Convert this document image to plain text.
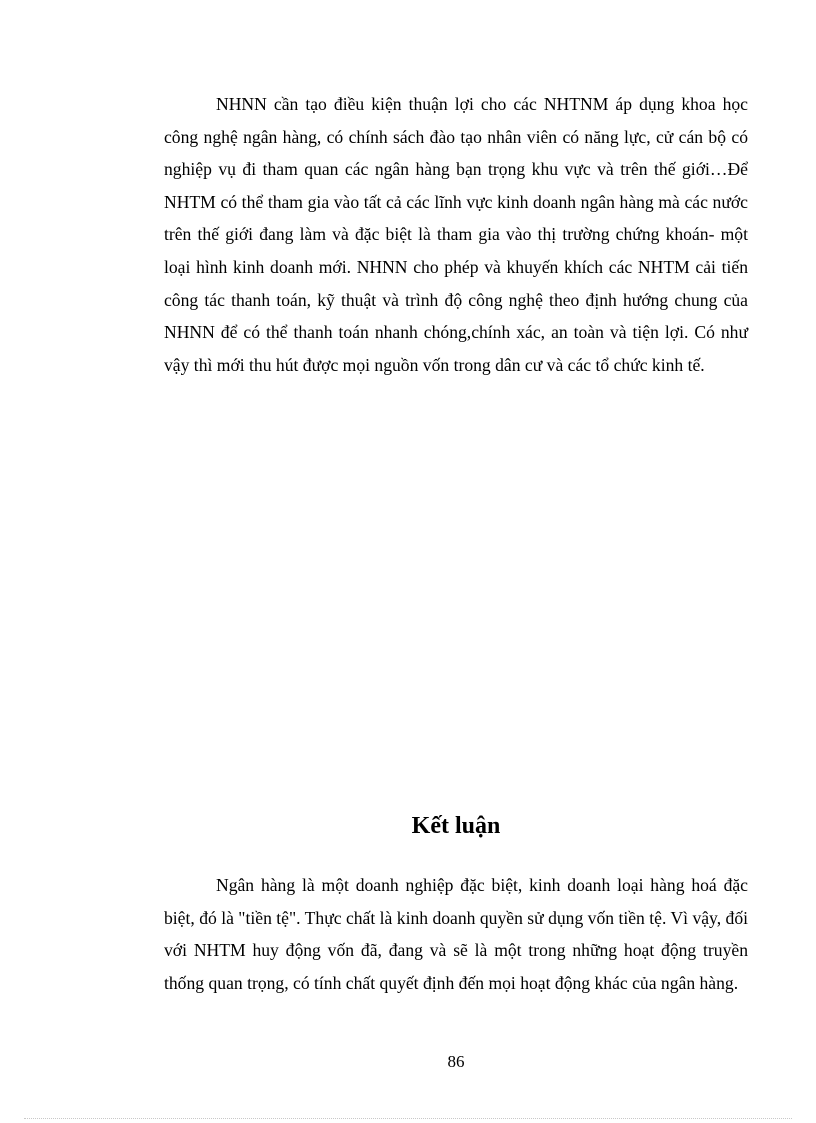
NHNN cần tạo điều kiện thuận lợi cho các NHTNM áp dụng khoa học công nghệ ngân hàng, có chính sách đào tạo nhân viên có năng lực, cử cán bộ có nghiệp vụ đi tham quan các ngân hàng bạn trọng khu vực và trên thế giới…Để NHTM có thể tham gia vào tất cả các lĩnh vực kinh doanh ngân hàng mà các nước trên thế giới đang làm và đặc biệt là tham gia vào thị trường chứng khoán- một loại hình kinh doanh mới. NHNN cho phép và khuyến khích các NHTM cải tiến công tác thanh toán, kỹ thuật và trình độ công nghệ theo định hướng chung của NHNN để có thể thanh toán nhanh chóng,chính xác, an toàn và tiện lợi. Có như vậy thì mới thu hút được mọi nguồn vốn trong dân cư và các tổ chức kinh tế.

Kết luận

Ngân hàng là một doanh nghiệp đặc biệt, kinh doanh loại hàng hoá đặc biệt, đó là "tiền tệ". Thực chất là kinh doanh quyền sử dụng vốn tiền tệ. Vì vậy, đối với NHTM huy động vốn đã, đang và sẽ là một trong những hoạt động truyền thống quan trọng, có tính chất quyết định đến mọi hoạt động khác của ngân hàng.

86
